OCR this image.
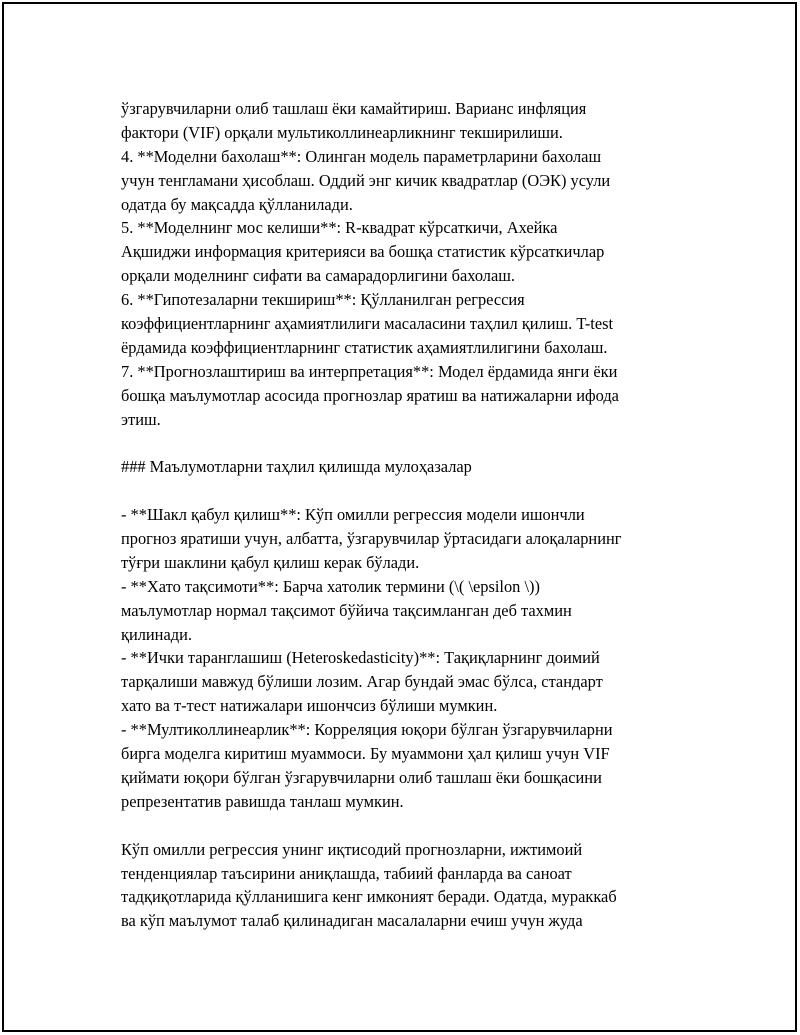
ўзгарувчиларни олиб ташлаш ёки камайтириш. Варианс инфляция
фактори (VIF) орқали мультиколлинеарликнинг текширилиши.
4. **Моделни бахолаш**: Олинган модель параметрларини бахолаш
учун тенгламани ҳисоблаш. Оддий энг кичик квадратлар (ОЭК) усули
одатда бу мақсадда қўлланилади.
5. **Моделнинг мос келиши**: R-квадрат кўрсаткичи, Ахейка
Ақшиджи информация критерияси ва бошқа статистик кўрсаткичлар
орқали моделнинг сифати ва самарадорлигини бахолаш.
6. **Гипотезаларни текшириш**: Қўлланилган регрессия
коэффициентларнинг аҳамиятлилиги масаласини таҳлил қилиш. T-test
ёрдамида коэффициентларнинг статистик аҳамиятлилигини бахолаш.
7. **Прогнозлаштириш ва интерпретация**: Модел ёрдамида янги ёки
бошқа маълумотлар асосида прогнозлар яратиш ва натижаларни ифода
этиш.
### Маълумотларни таҳлил қилишда мулоҳазалар
- **Шакл қабул қилиш**: Кўп омилли регрессия модели ишончли
прогноз яратиши учун, албатта, ўзгарувчилар ўртасидаги алоқаларнинг
тўғри шаклини қабул қилиш керак бўлади.
- **Хато тақсимоти**: Барча хатолик термини (\( \epsilon \))
маълумотлар нормал тақсимот бўйича тақсимланган деб тахмин
қилинади.
- **Ички таранглашиш (Heteroskedasticity)**: Тақиқларнинг доимий
тарқалиши мавжуд бўлиши лозим. Агар бундай эмас бўлса, стандарт
хато ва т-тест натижалари ишончсиз бўлиши мумкин.
- **Мултиколлинеарлик**: Корреляция юқори бўлган ўзгарувчиларни
бирга моделга киритиш муаммоси. Бу муаммони ҳал қилиш учун VIF
қиймати юқори бўлган ўзгарувчиларни олиб ташлаш ёки бошқасини
репрезентатив равишда танлаш мумкин.
Кўп омилли регрессия унинг иқтисодий прогнозларни, ижтимоий
тенденциялар таъсирини аниқлашда, табиий фанларда ва саноат
тадқиқотларида қўлланишига кенг имконият беради. Одатда, мураккаб
ва кўп маълумот талаб қилинадиган масалаларни ечиш учун жуда
